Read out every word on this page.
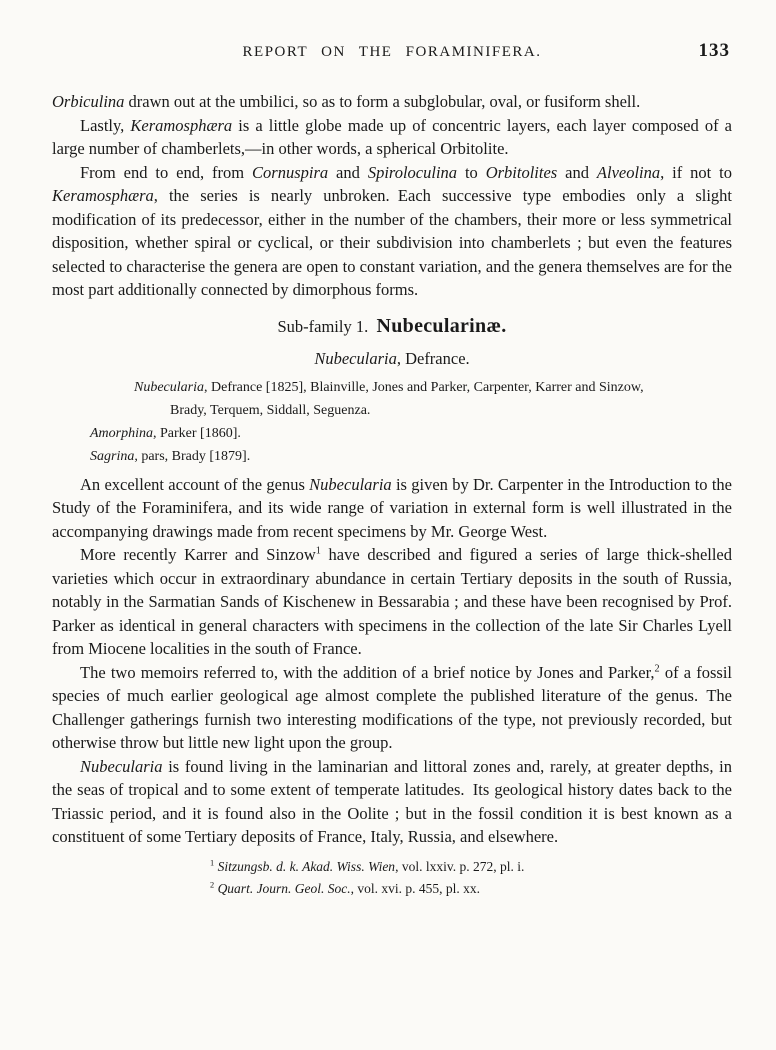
REPORT ON THE FORAMINIFERA.	133

Orbiculina drawn out at the umbilici, so as to form a subglobular, oval, or fusiform shell.

Lastly, Keramosphæra is a little globe made up of concentric layers, each layer composed of a large number of chamberlets,—in other words, a spherical Orbitolite.

From end to end, from Cornuspira and Spiroloculina to Orbitolites and Alveolina, if not to Keramosphæra, the series is nearly unbroken. Each successive type embodies only a slight modification of its predecessor, either in the number of the chambers, their more or less symmetrical disposition, whether spiral or cyclical, or their subdivision into chamberlets ; but even the features selected to characterise the genera are open to constant variation, and the genera themselves are for the most part additionally connected by dimorphous forms.

Sub-family 1. Nubecularinæ.
Nubecularia, Defrance.
Nubecularia, Defrance [1825], Blainville, Jones and Parker, Carpenter, Karrer and Sinzow,
Brady, Terquem, Siddall, Seguenza.
Amorphina, Parker [1860].
Sagrina, pars, Brady [1879].

An excellent account of the genus Nubecularia is given by Dr. Carpenter in the Introduction to the Study of the Foraminifera, and its wide range of variation in external form is well illustrated in the accompanying drawings made from recent specimens by Mr. George West.

More recently Karrer and Sinzow$^1$ have described and figured a series of large thick-shelled varieties which occur in extraordinary abundance in certain Tertiary deposits in the south of Russia, notably in the Sarmatian Sands of Kischenew in Bessarabia ; and these have been recognised by Prof. Parker as identical in general characters with specimens in the collection of the late Sir Charles Lyell from Miocene localities in the south of France.

The two memoirs referred to, with the addition of a brief notice by Jones and Parker,$^2$ of a fossil species of much earlier geological age almost complete the published literature of the genus. The Challenger gatherings furnish two interesting modifications of the type, not previously recorded, but otherwise throw but little new light upon the group.

Nubecularia is found living in the laminarian and littoral zones and, rarely, at greater depths, in the seas of tropical and to some extent of temperate latitudes. Its geological history dates back to the Triassic period, and it is found also in the Oolite ; but in the fossil condition it is best known as a constituent of some Tertiary deposits of France, Italy, Russia, and elsewhere.

$^1$ Sitzungsb. d. k. Akad. Wiss. Wien, vol. lxxiv. p. 272, pl. i.
$^2$ Quart. Journ. Geol. Soc., vol. xvi. p. 455, pl. xx.
